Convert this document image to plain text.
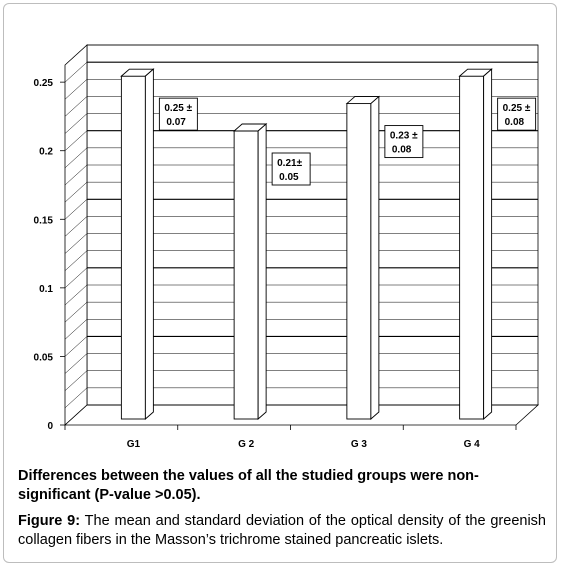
0
0.05
0.1
0.15
0.2
0.25
G1	G 2	G 3	G 4
0.25 ±
0.07
0.21±
0.05
0.23 ±
0.08
0.25 ±
0.08
Differences between the values of all the studied groups were non-significant (P-value >0.05).
Figure 9: The mean and standard deviation of the optical density of the greenish collagen fibers in the Masson’s trichrome stained pancreatic islets.
